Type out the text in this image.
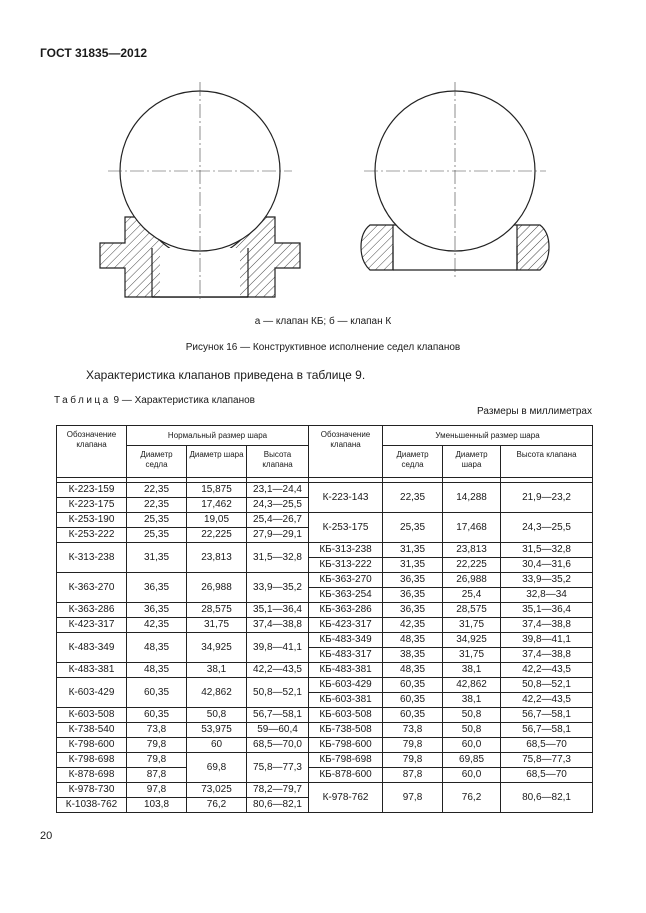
ГОСТ 31835—2012
а — клапан КБ; б — клапан К
Рисунок 16 — Конструктивное исполнение седел клапанов
Характеристика клапанов приведена в таблице 9.
Таблица 9 — Характеристика клапанов
Размеры в миллиметрах
Обозначение клапана	Нормальный размер шара			Обозначение клапана	Уменьшенный размер шара		
	Диаметр седла	Диаметр шара	Высота клапана		Диаметр седла	Диаметр шара	Высота клапана

К-223-159	22,35	15,875	23,1—24,4	К-223-143	22,35	14,288	21,9—23,2
К-223-175	22,35	17,462	24,3—25,5				
К-253-190	25,35	19,05	25,4—26,7	К-253-175	25,35	17,468	24,3—25,5
К-253-222	25,35	22,225	27,9—29,1				
К-313-238	31,35	23,813	31,5—32,8	КБ-313-238	31,35	23,813	31,5—32,8
				КБ-313-222	31,35	22,225	30,4—31,6
К-363-270	36,35	26,988	33,9—35,2	КБ-363-270	36,35	26,988	33,9—35,2
				КБ-363-254	36,35	25,4	32,8—34
К-363-286	36,35	28,575	35,1—36,4	КБ-363-286	36,35	28,575	35,1—36,4
К-423-317	42,35	31,75	37,4—38,8	КБ-423-317	42,35	31,75	37,4—38,8
К-483-349	48,35	34,925	39,8—41,1	КБ-483-349	48,35	34,925	39,8—41,1
				КБ-483-317	38,35	31,75	37,4—38,8
К-483-381	48,35	38,1	42,2—43,5	КБ-483-381	48,35	38,1	42,2—43,5
К-603-429	60,35	42,862	50,8—52,1	КБ-603-429	60,35	42,862	50,8—52,1
				КБ-603-381	60,35	38,1	42,2—43,5
К-603-508	60,35	50,8	56,7—58,1	КБ-603-508	60,35	50,8	56,7—58,1
К-738-540	73,8	53,975	59—60,4	КБ-738-508	73,8	50,8	56,7—58,1
К-798-600	79,8	60	68,5—70,0	КБ-798-600	79,8	60,0	68,5—70
К-798-698	79,8	69,8	75,8—77,3	КБ-798-698	79,8	69,85	75,8—77,3
К-878-698	87,8			КБ-878-600	87,8	60,0	68,5—70
К-978-730	97,8	73,025	78,2—79,7	К-978-762	97,8	76,2	80,6—82,1
К-1038-762	103,8	76,2	80,6—82,1				
20
